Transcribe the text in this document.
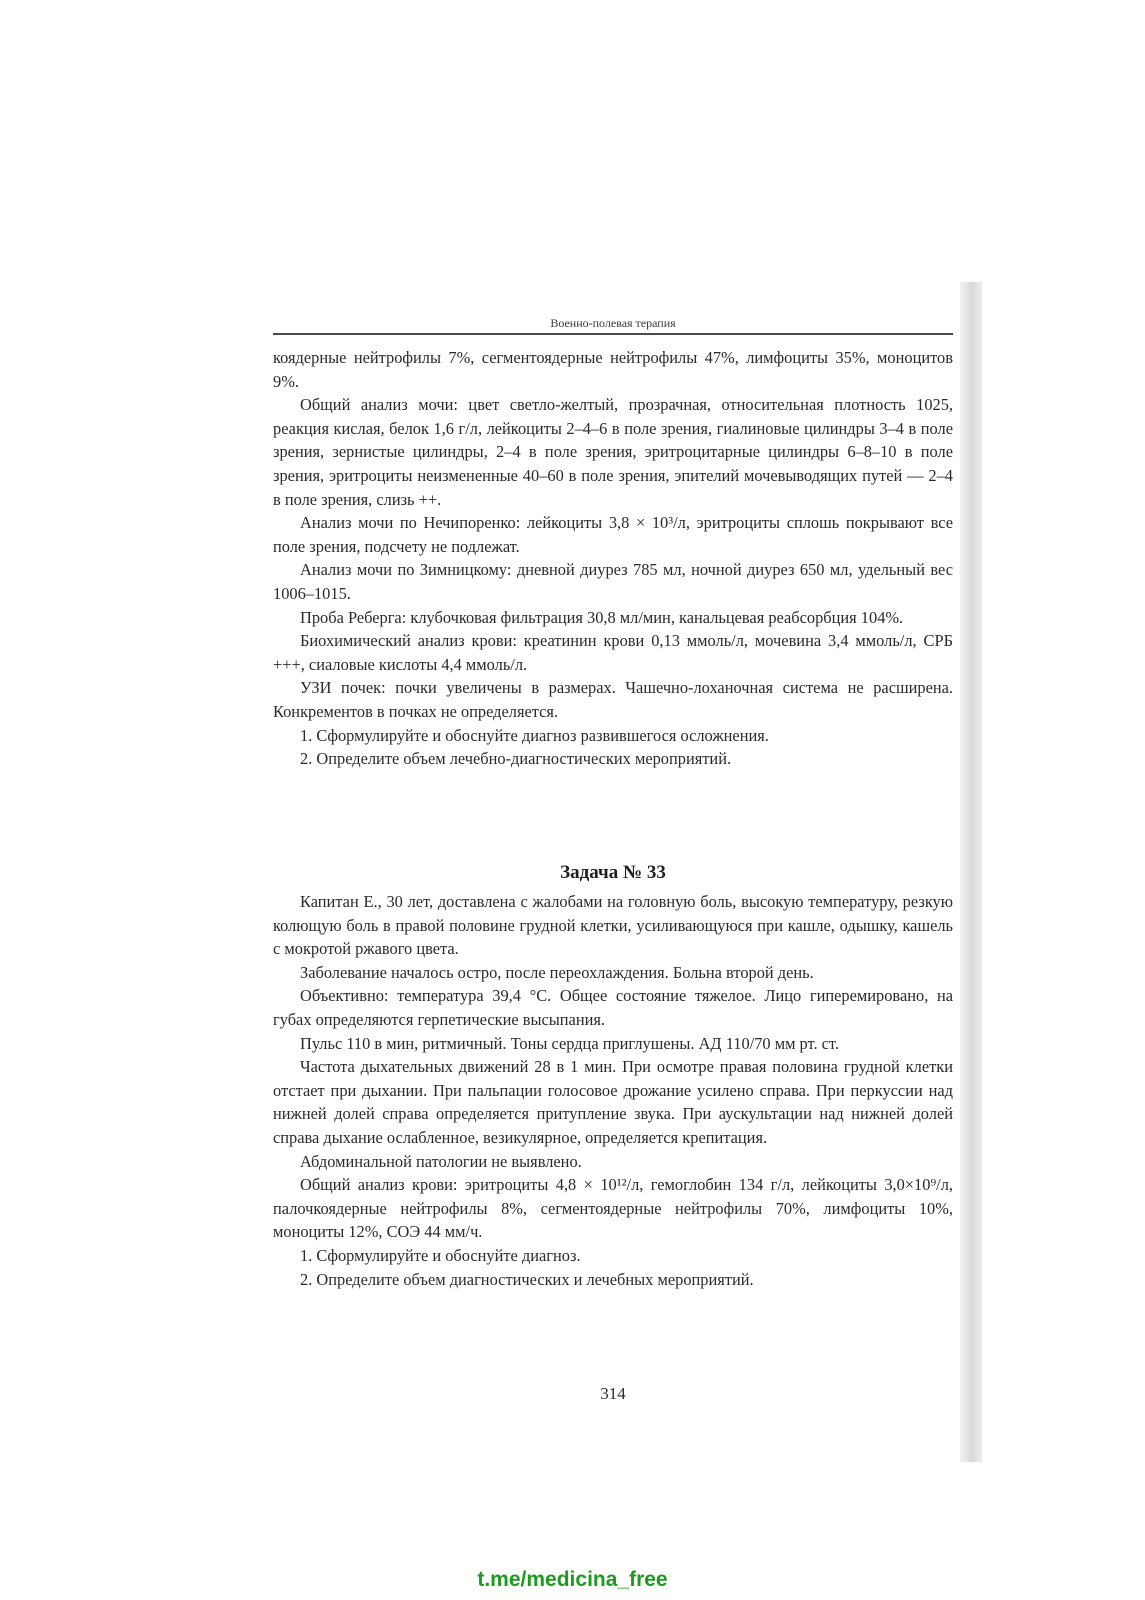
Военно-полевая терапия

коядерные нейтрофилы 7%, сегментоядерные нейтрофилы 47%, лимфоциты 35%, моноцитов 9%.

Общий анализ мочи: цвет светло-желтый, прозрачная, относительная плотность 1025, реакция кислая, белок 1,6 г/л, лейкоциты 2–4–6 в поле зрения, гиалиновые цилиндры 3–4 в поле зрения, зернистые цилиндры, 2–4 в поле зрения, эритроцитарные цилиндры 6–8–10 в поле зрения, эритроциты неизмененные 40–60 в поле зрения, эпителий мочевыводящих путей — 2–4 в поле зрения, слизь ++.

Анализ мочи по Нечипоренко: лейкоциты 3,8 × 10³/л, эритроциты сплошь покрывают все поле зрения, подсчету не подлежат.

Анализ мочи по Зимницкому: дневной диурез 785 мл, ночной диурез 650 мл, удельный вес 1006–1015.

Проба Реберга: клубочковая фильтрация 30,8 мл/мин, канальцевая реабсорбция 104%.

Биохимический анализ крови: креатинин крови 0,13 ммоль/л, мочевина 3,4 ммоль/л, СРБ +++, сиаловые кислоты 4,4 ммоль/л.

УЗИ почек: почки увеличены в размерах. Чашечно-лоханочная система не расширена. Конкрементов в почках не определяется.

1. Сформулируйте и обоснуйте диагноз развившегося осложнения.

2. Определите объем лечебно-диагностических мероприятий.

Задача № 33

Капитан Е., 30 лет, доставлена с жалобами на головную боль, высокую температуру, резкую колющую боль в правой половине грудной клетки, усиливающуюся при кашле, одышку, кашель с мокротой ржавого цвета.

Заболевание началось остро, после переохлаждения. Больна второй день.

Объективно: температура 39,4 °С. Общее состояние тяжелое. Лицо гиперемировано, на губах определяются герпетические высыпания.

Пульс 110 в мин, ритмичный. Тоны сердца приглушены. АД 110/70 мм рт. ст.

Частота дыхательных движений 28 в 1 мин. При осмотре правая половина грудной клетки отстает при дыхании. При пальпации голосовое дрожание усилено справа. При перкуссии над нижней долей справа определяется притупление звука. При аускультации над нижней долей справа дыхание ослабленное, везикулярное, определяется крепитация.

Абдоминальной патологии не выявлено.

Общий анализ крови: эритроциты 4,8 × 10¹²/л, гемоглобин 134 г/л, лейкоциты 3,0×10⁹/л, палочкоядерные нейтрофилы 8%, сегментоядерные нейтрофилы 70%, лимфоциты 10%, моноциты 12%, СОЭ 44 мм/ч.

1. Сформулируйте и обоснуйте диагноз.

2. Определите объем диагностических и лечебных мероприятий.

314
t.me/medicina_free
